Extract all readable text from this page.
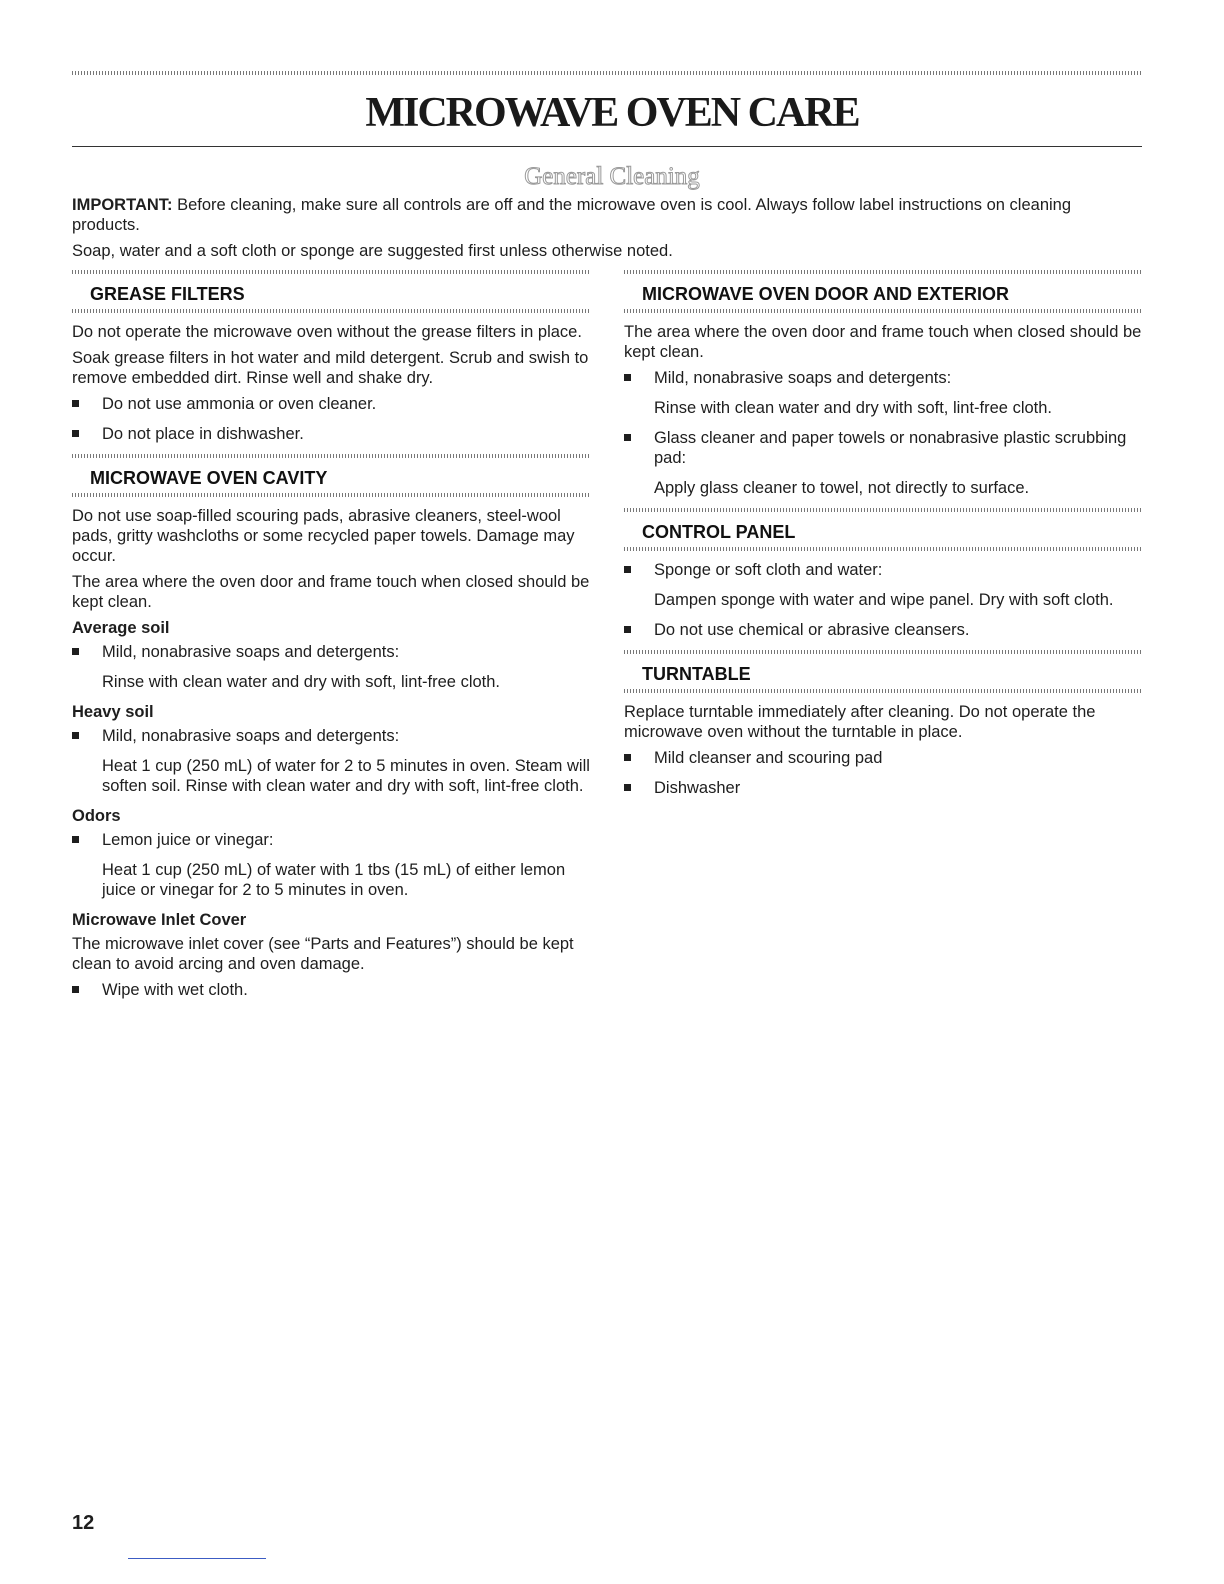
MICROWAVE OVEN CARE
General Cleaning

IMPORTANT: Before cleaning, make sure all controls are off and the microwave oven is cool. Always follow label instructions on cleaning products.

Soap, water and a soft cloth or sponge are suggested first unless otherwise noted.

GREASE FILTERS
Do not operate the microwave oven without the grease filters in place.
Soak grease filters in hot water and mild detergent. Scrub and swish to remove embedded dirt. Rinse well and shake dry.
Do not use ammonia or oven cleaner.
Do not place in dishwasher.
MICROWAVE OVEN CAVITY
Do not use soap-filled scouring pads, abrasive cleaners, steel-wool pads, gritty washcloths or some recycled paper towels. Damage may occur.
The area where the oven door and frame touch when closed should be kept clean.
Average soil
Mild, nonabrasive soaps and detergents:
Rinse with clean water and dry with soft, lint-free cloth.
Heavy soil
Mild, nonabrasive soaps and detergents:
Heat 1 cup (250 mL) of water for 2 to 5 minutes in oven. Steam will soften soil. Rinse with clean water and dry with soft, lint-free cloth.
Odors
Lemon juice or vinegar:
Heat 1 cup (250 mL) of water with 1 tbs (15 mL) of either lemon juice or vinegar for 2 to 5 minutes in oven.
Microwave Inlet Cover
The microwave inlet cover (see “Parts and Features”) should be kept clean to avoid arcing and oven damage.
Wipe with wet cloth.
MICROWAVE OVEN DOOR AND EXTERIOR
The area where the oven door and frame touch when closed should be kept clean.
Mild, nonabrasive soaps and detergents:
Rinse with clean water and dry with soft, lint-free cloth.
Glass cleaner and paper towels or nonabrasive plastic scrubbing pad:
Apply glass cleaner to towel, not directly to surface.
CONTROL PANEL
Sponge or soft cloth and water:
Dampen sponge with water and wipe panel. Dry with soft cloth.
Do not use chemical or abrasive cleansers.
TURNTABLE
Replace turntable immediately after cleaning. Do not operate the microwave oven without the turntable in place.
Mild cleanser and scouring pad
Dishwasher
12
